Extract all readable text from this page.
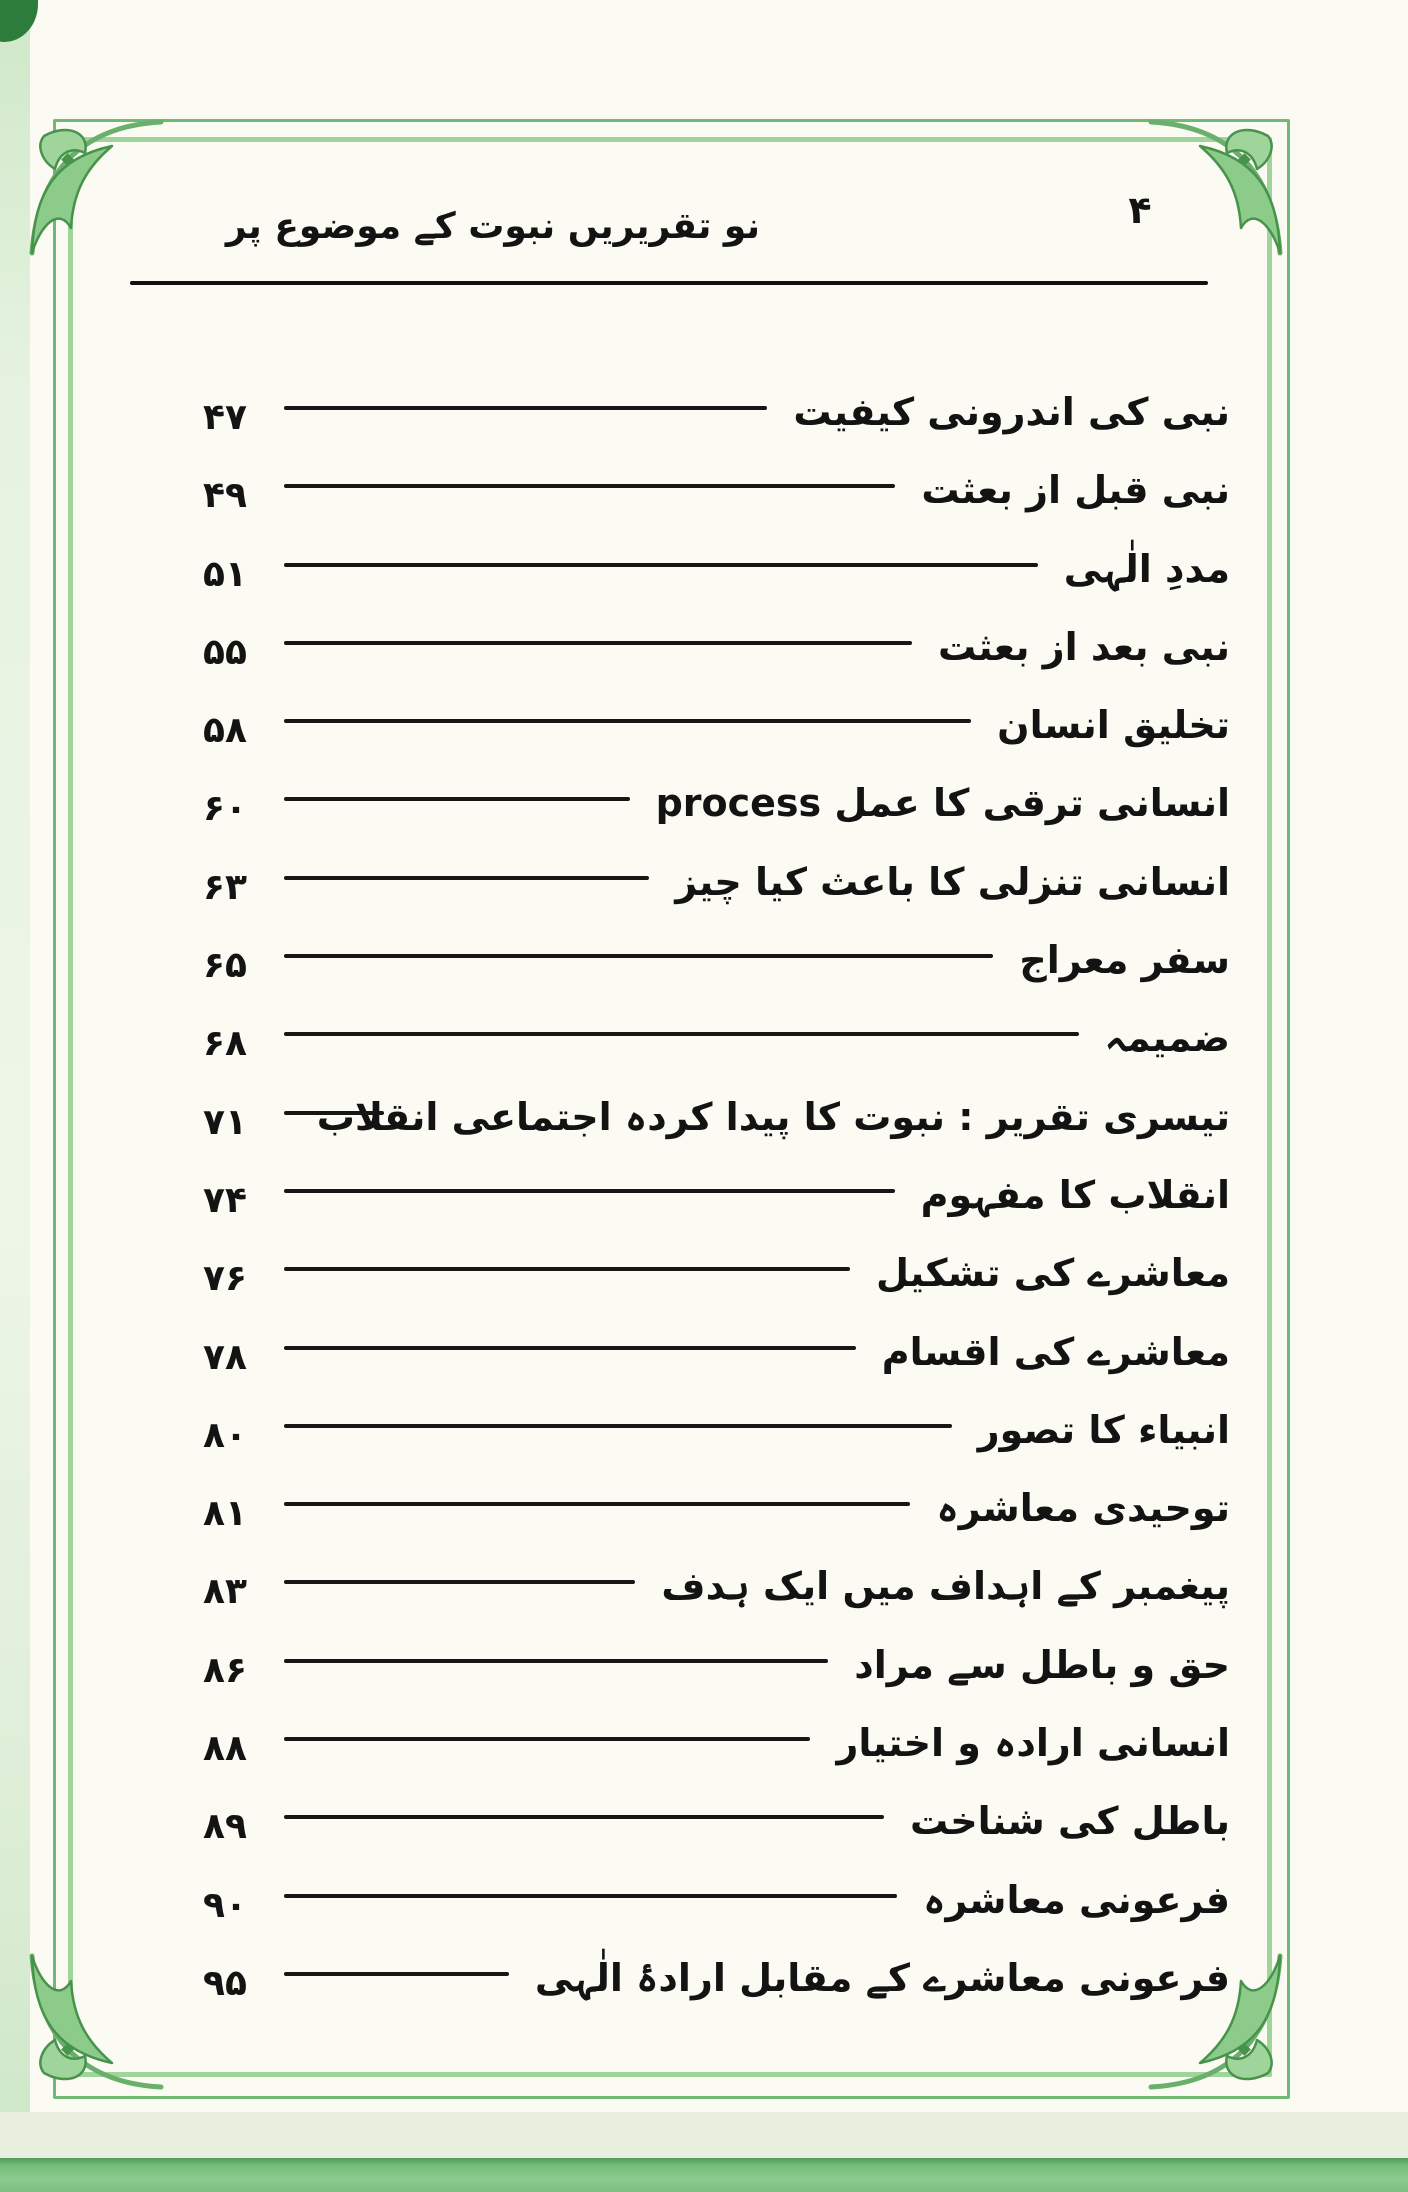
نو تقریریں نبوت کے موضوع پر	۴
۴۷	نبی کی اندرونی کیفیت
۴۹	نبی قبل از بعثت
۵۱	مددِ الٰہی
۵۵	نبی بعد از بعثت
۵۸	تخلیق انسان
۶۰	انسانی ترقی کا عمل process
۶۳	انسانی تنزلی کا باعث کیا چیز
۶۵	سفر معراج
۶۸	ضمیمہ
۷۱	تیسری تقریر : نبوت کا پیدا کردہ اجتماعی انقلاب
۷۴	انقلاب کا مفہوم
۷۶	معاشرے کی تشکیل
۷۸	معاشرے کی اقسام
۸۰	انبیاء کا تصور
۸۱	توحیدی معاشرہ
۸۳	پیغمبر کے اہداف میں ایک ہدف
۸۶	حق و باطل سے مراد
۸۸	انسانی ارادہ و اختیار
۸۹	باطل کی شناخت
۹۰	فرعونی معاشرہ
۹۵	فرعونی معاشرے کے مقابل ارادۂ الٰہی
